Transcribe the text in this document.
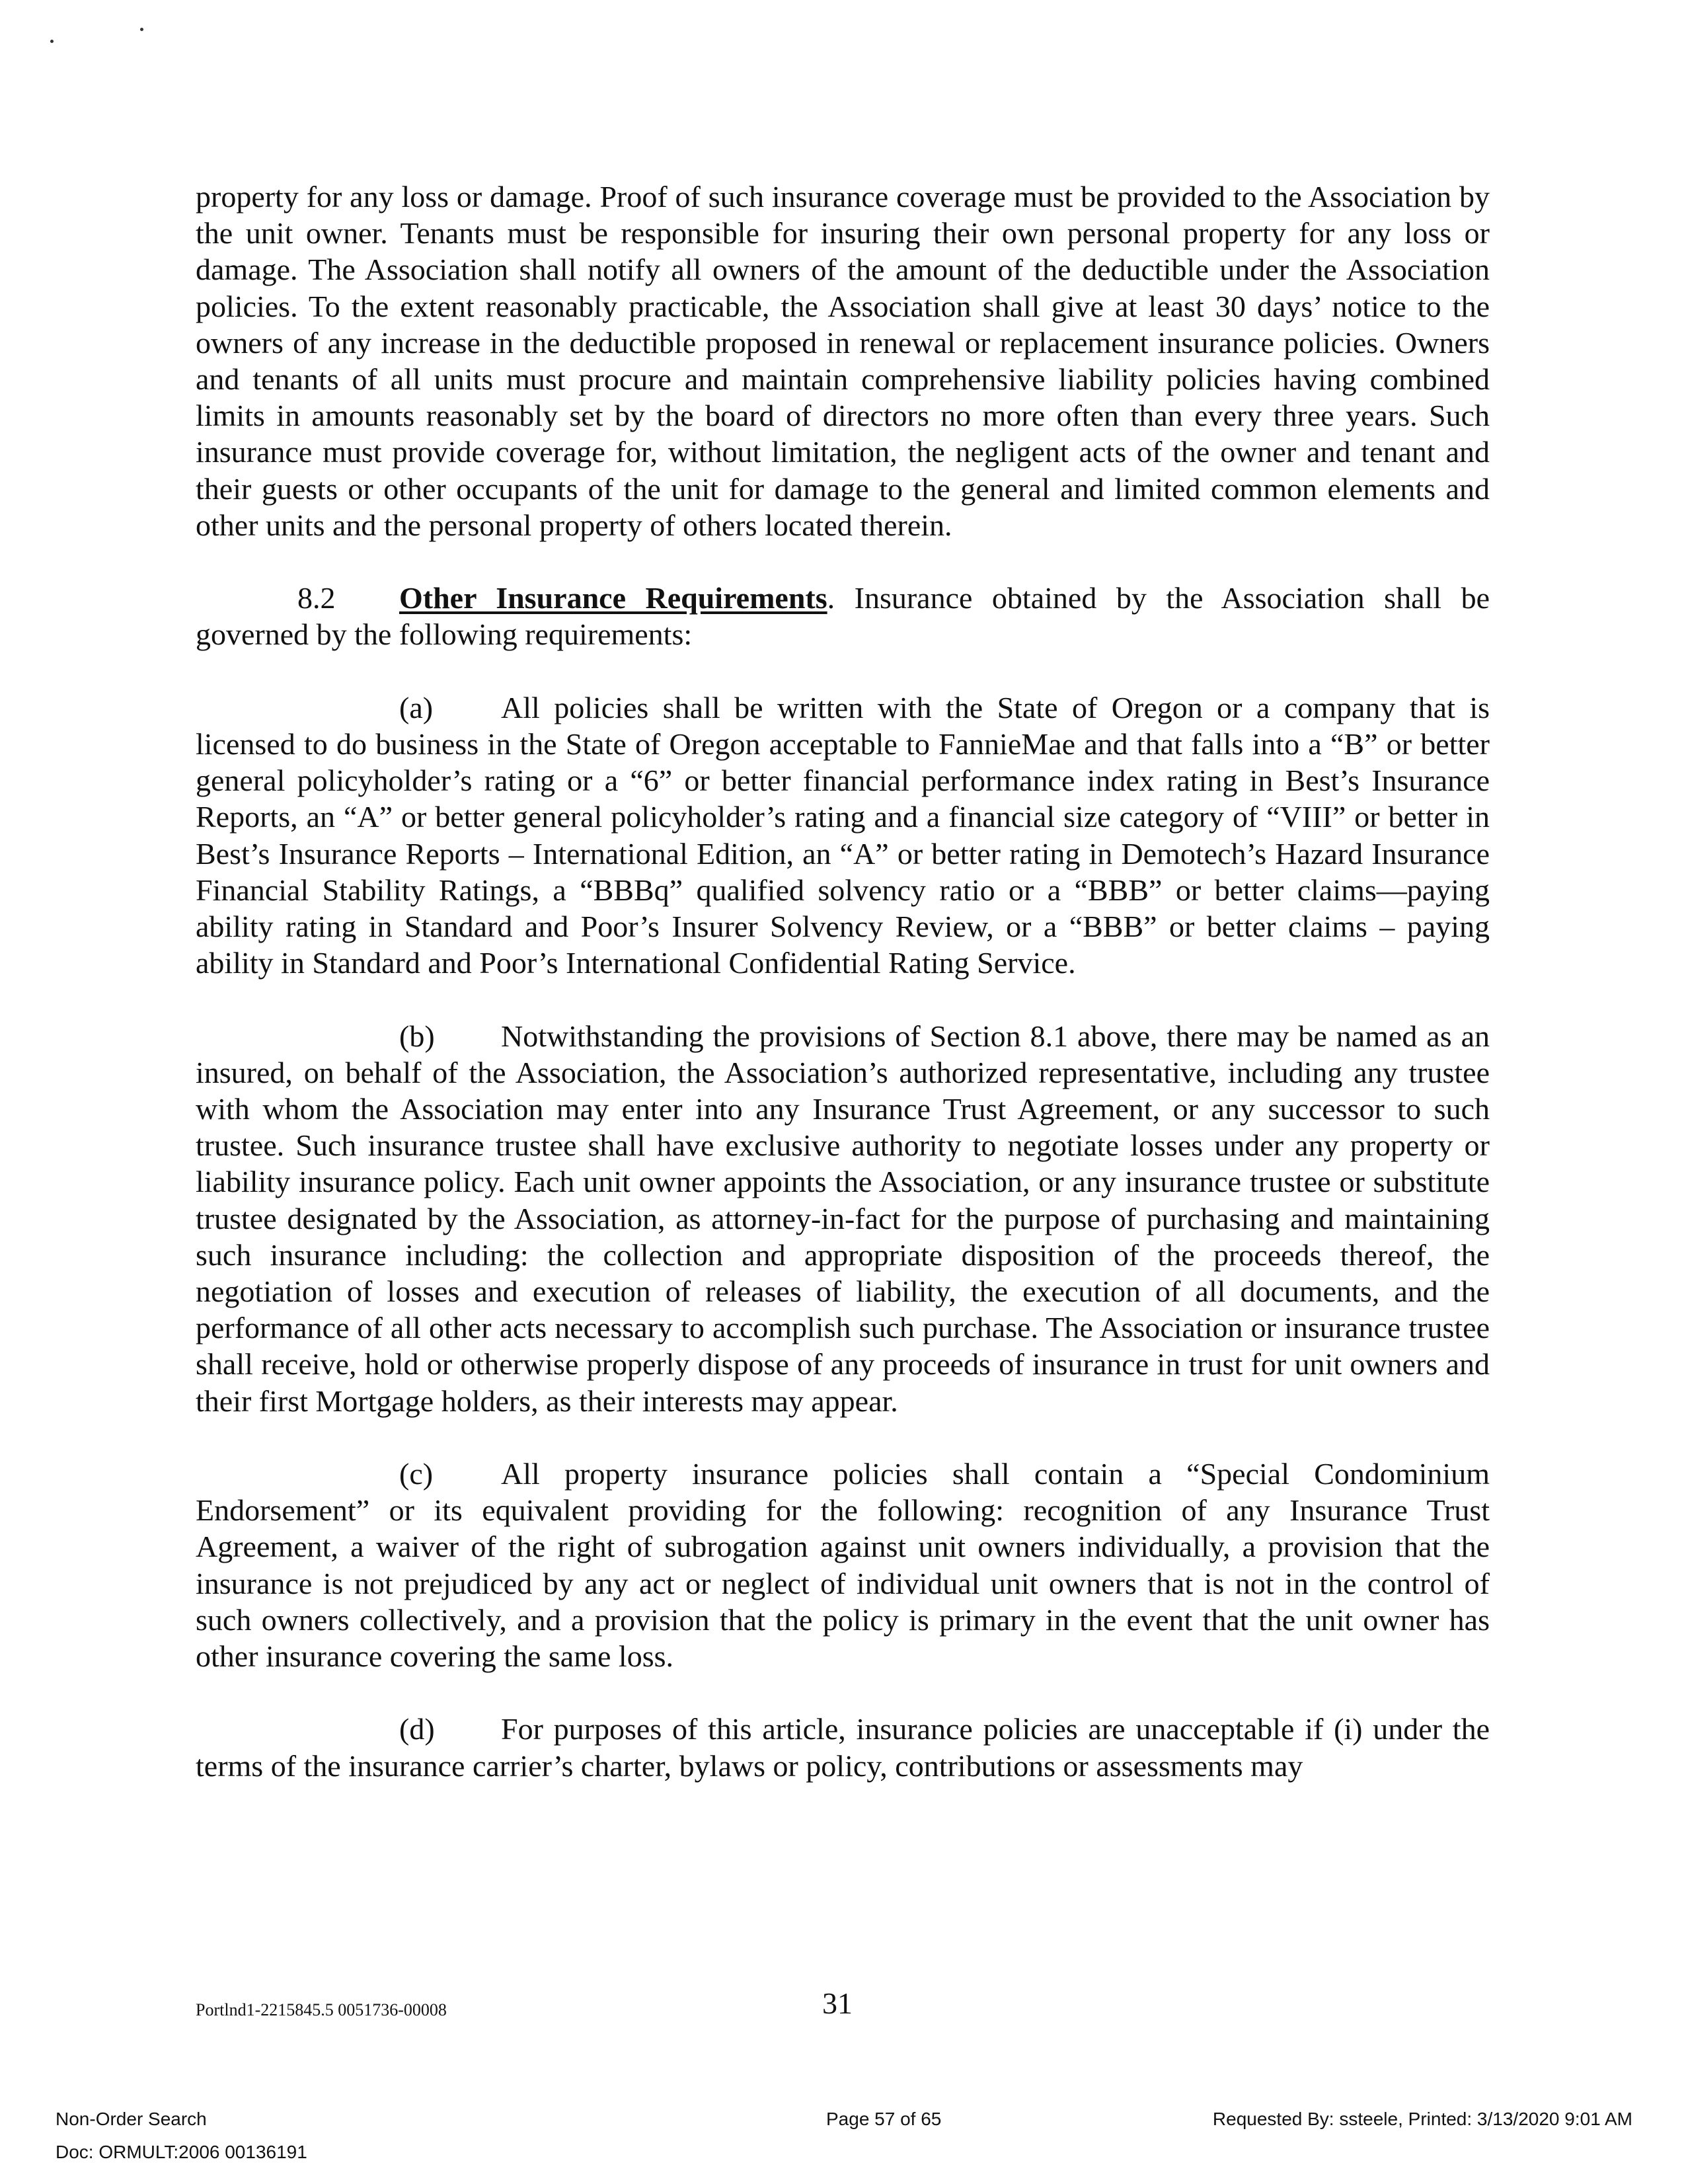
property for any loss or damage. Proof of such insurance coverage must be provided to the Association by the unit owner. Tenants must be responsible for insuring their own personal property for any loss or damage. The Association shall notify all owners of the amount of the deductible under the Association policies. To the extent reasonably practicable, the Association shall give at least 30 days’ notice to the owners of any increase in the deductible proposed in renewal or replacement insurance policies. Owners and tenants of all units must procure and maintain comprehensive liability policies having combined limits in amounts reasonably set by the board of directors no more often than every three years. Such insurance must provide coverage for, without limitation, the negligent acts of the owner and tenant and their guests or other occupants of the unit for damage to the general and limited common elements and other units and the personal property of others located therein.

8.2 Other Insurance Requirements. Insurance obtained by the Association shall be governed by the following requirements:

(a) All policies shall be written with the State of Oregon or a company that is licensed to do business in the State of Oregon acceptable to FannieMae and that falls into a “B” or better general policyholder’s rating or a “6” or better financial performance index rating in Best’s Insurance Reports, an “A” or better general policyholder’s rating and a financial size category of “VIII” or better in Best’s Insurance Reports – International Edition, an “A” or better rating in Demotech’s Hazard Insurance Financial Stability Ratings, a “BBBq” qualified solvency ratio or a “BBB” or better claims—paying ability rating in Standard and Poor’s Insurer Solvency Review, or a “BBB” or better claims – paying ability in Standard and Poor’s International Confidential Rating Service.

(b) Notwithstanding the provisions of Section 8.1 above, there may be named as an insured, on behalf of the Association, the Association’s authorized representative, including any trustee with whom the Association may enter into any Insurance Trust Agreement, or any successor to such trustee. Such insurance trustee shall have exclusive authority to negotiate losses under any property or liability insurance policy. Each unit owner appoints the Association, or any insurance trustee or substitute trustee designated by the Association, as attorney-in-fact for the purpose of purchasing and maintaining such insurance including: the collection and appropriate disposition of the proceeds thereof, the negotiation of losses and execution of releases of liability, the execution of all documents, and the performance of all other acts necessary to accomplish such purchase. The Association or insurance trustee shall receive, hold or otherwise properly dispose of any proceeds of insurance in trust for unit owners and their first Mortgage holders, as their interests may appear.

(c) All property insurance policies shall contain a “Special Condominium Endorsement” or its equivalent providing for the following: recognition of any Insurance Trust Agreement, a waiver of the right of subrogation against unit owners individually, a provision that the insurance is not prejudiced by any act or neglect of individual unit owners that is not in the control of such owners collectively, and a provision that the policy is primary in the event that the unit owner has other insurance covering the same loss.

(d) For purposes of this article, insurance policies are unacceptable if (i) under the terms of the insurance carrier’s charter, bylaws or policy, contributions or assessments may

Portlnd1-2215845.5 0051736-00008	31
Non-Order Search
Doc: ORMULT:2006 00136191
Page 57 of 65	Requested By: ssteele, Printed: 3/13/2020 9:01 AM
